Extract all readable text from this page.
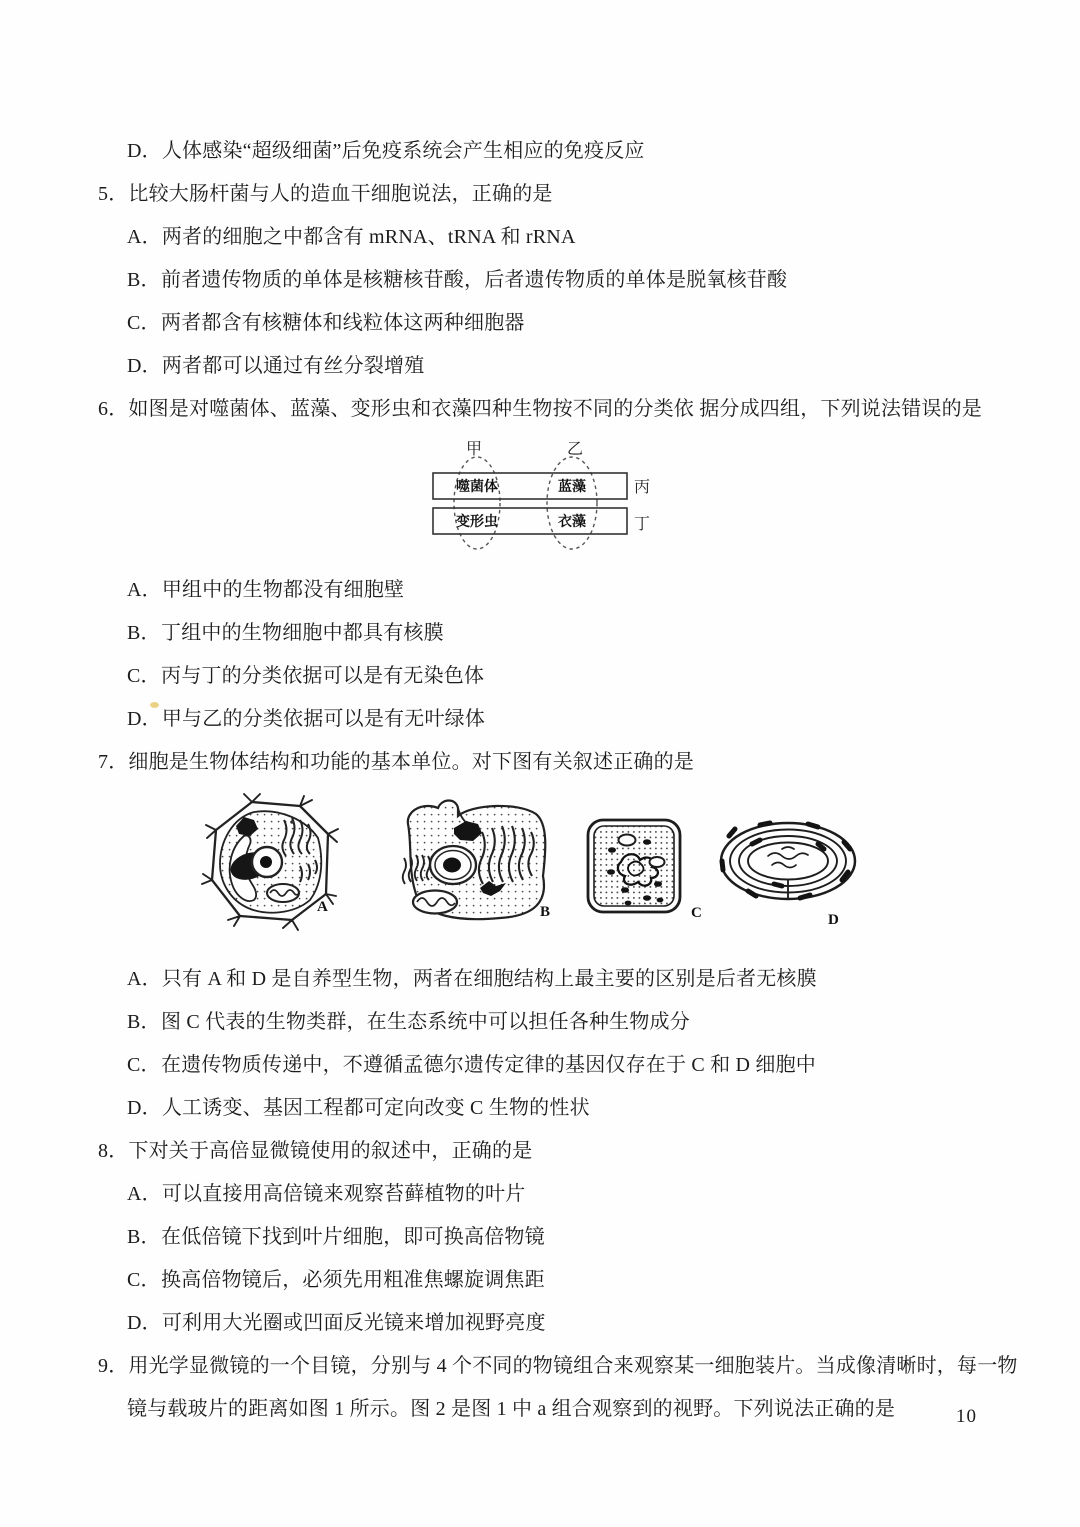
D．人体感染“超级细菌”后免疫系统会产生相应的免疫反应
5．比较大肠杆菌与人的造血干细胞说法，正确的是
A．两者的细胞之中都含有 mRNA、tRNA 和 rRNA
B．前者遗传物质的单体是核糖核苷酸，后者遗传物质的单体是脱氧核苷酸
C．两者都含有核糖体和线粒体这两种细胞器
D．两者都可以通过有丝分裂增殖
6．如图是对噬菌体、蓝藻、变形虫和衣藻四种生物按不同的分类依 据分成四组，下列说法错误的是
甲	乙
噬菌体	蓝藻
变形虫	衣藻
丙
丁
A．甲组中的生物都没有细胞壁
B．丁组中的生物细胞中都具有核膜
C．丙与丁的分类依据可以是有无染色体
D．甲与乙的分类依据可以是有无叶绿体
7．细胞是生物体结构和功能的基本单位。对下图有关叙述正确的是
A	B	C	D
A．只有 A 和 D 是自养型生物，两者在细胞结构上最主要的区别是后者无核膜
B．图 C 代表的生物类群，在生态系统中可以担任各种生物成分
C．在遗传物质传递中，不遵循孟德尔遗传定律的基因仅存在于 C 和 D 细胞中
D．人工诱变、基因工程都可定向改变 C 生物的性状
8．下对关于高倍显微镜使用的叙述中，正确的是
A．可以直接用高倍镜来观察苔藓植物的叶片
B．在低倍镜下找到叶片细胞，即可换高倍物镜
C．换高倍物镜后，必须先用粗准焦螺旋调焦距
D．可利用大光圈或凹面反光镜来增加视野亮度
9．用光学显微镜的一个目镜，分别与 4 个不同的物镜组合来观察某一细胞装片。当成像清晰时，每一物
镜与载玻片的距离如图 1 所示。图 2 是图 1 中 a 组合观察到的视野。下列说法正确的是	10
